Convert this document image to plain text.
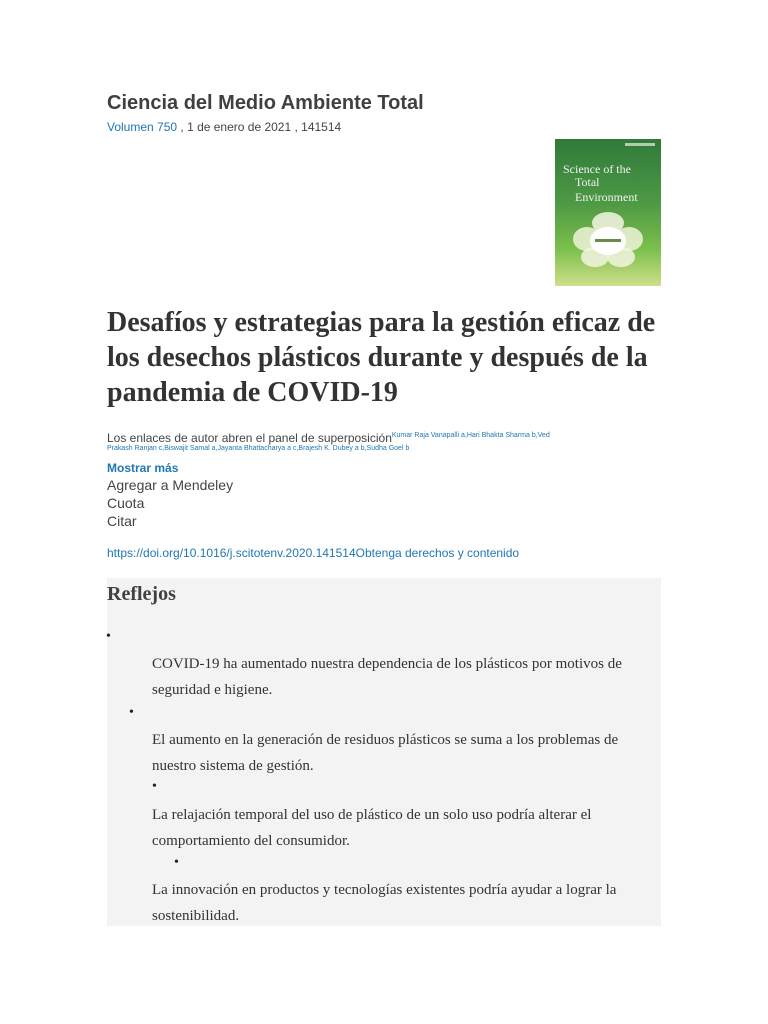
Ciencia del Medio Ambiente Total
Volumen 750 , 1 de enero de 2021 , 141514
Science of the
Total Environment
Desafíos y estrategias para la gestión eficaz de los desechos plásticos durante y después de la pandemia de COVID-19
Los enlaces de autor abren el panel de superposición$^{Kumar Raja Vanapalli a,Hari Bhakta Sharma b,Ved}$
Prakash Ranjan c,Biswajit Samal a,Jayanta Bhattacharya a c,Brajesh K. Dubey a b,Sudha Goel b
Mostrar más
Agregar a Mendeley
Cuota
Citar
https://doi.org/10.1016/j.scitotenv.2020.141514Obtenga derechos y contenido
Reflejos
•

COVID-19 ha aumentado nuestra dependencia de los plásticos por motivos de seguridad e higiene.

•

El aumento en la generación de residuos plásticos se suma a los problemas de nuestro sistema de gestión.

•

La relajación temporal del uso de plástico de un solo uso podría alterar el comportamiento del consumidor.

•

La innovación en productos y tecnologías existentes podría ayudar a lograr la sostenibilidad.
